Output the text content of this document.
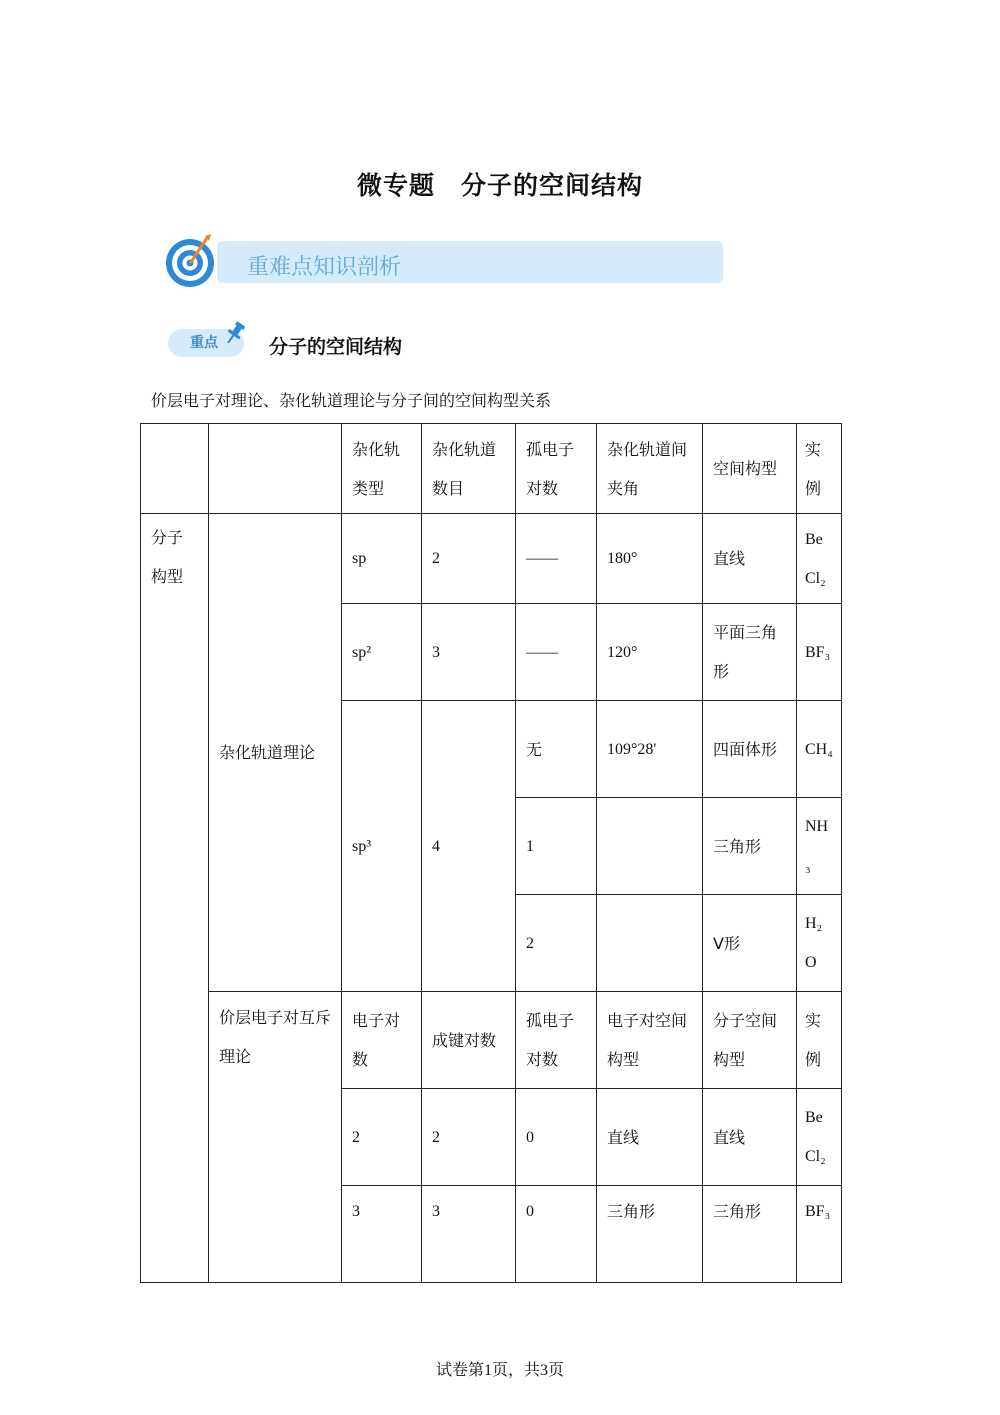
微专题　分子的空间结构
重难点知识剖析
重点	分子的空间结构
价层电子对理论、杂化轨道理论与分子间的空间构型关系
		杂化轨类型	杂化轨道数目	孤电子对数	杂化轨道间夹角	空间构型	实例
分子构型	杂化轨道理论	sp	2	——	180°	直线	BeCl₂
		sp²	3	——	120°	平面三角形	BF₃
		sp³	4	无	109°28'	四面体形	CH₄
				1		三角形	NH₃
				2		V形	H₂O
	价层电子对互斥理论	电子对数	成键对数	孤电子对数	电子对空间构型	分子空间构型	实例
		2	2	0	直线	直线	BeCl₂
		3	3	0	三角形	三角形	BF₃
试卷第1页，共3页
